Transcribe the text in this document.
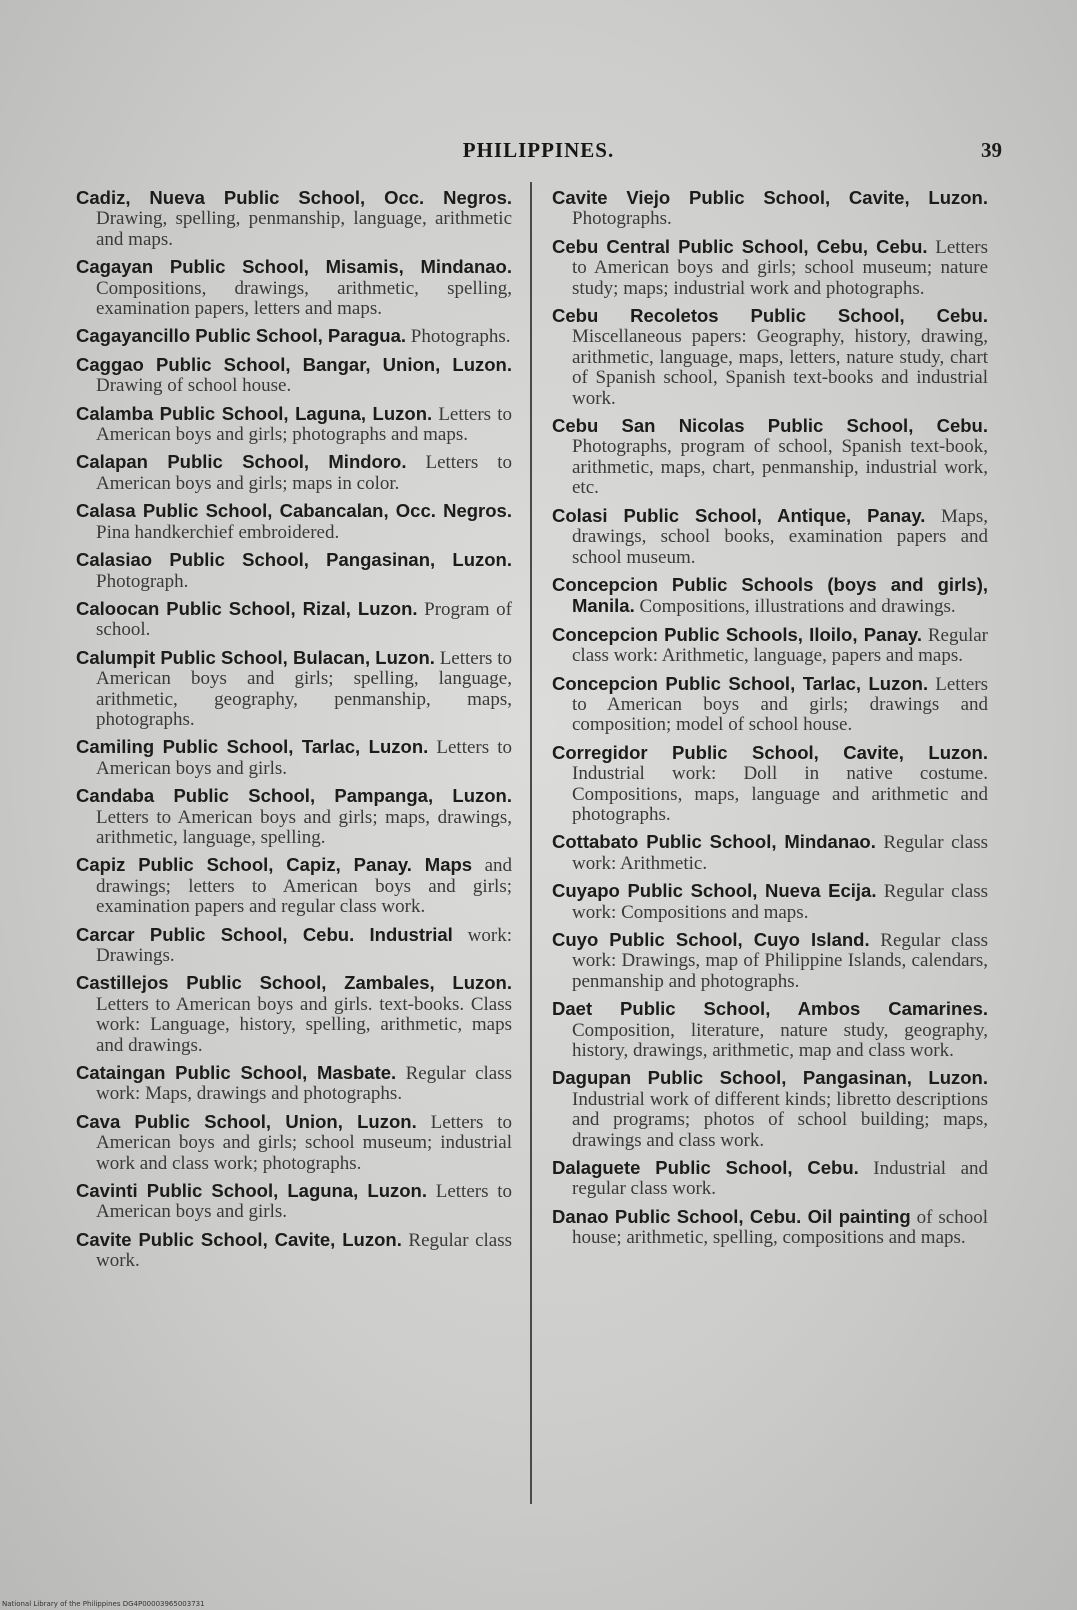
PHILIPPINES.	39

Cadiz, Nueva Public School, Occ. Negros. Drawing, spelling, penmanship, language, arithmetic and maps.

Cagayan Public School, Misamis, Mindanao. Compositions, drawings, arithmetic, spelling, examination papers, letters and maps.

Cagayancillo Public School, Paragua. Photographs.

Caggao Public School, Bangar, Union, Luzon. Drawing of school house.

Calamba Public School, Laguna, Luzon. Letters to American boys and girls; photographs and maps.

Calapan Public School, Mindoro. Letters to American boys and girls; maps in color.

Calasa Public School, Cabancalan, Occ. Negros. Pina handkerchief embroidered.

Calasiao Public School, Pangasinan, Luzon. Photograph.

Caloocan Public School, Rizal, Luzon. Program of school.

Calumpit Public School, Bulacan, Luzon. Letters to American boys and girls; spelling, language, arithmetic, geography, penmanship, maps, photographs.

Camiling Public School, Tarlac, Luzon. Letters to American boys and girls.

Candaba Public School, Pampanga, Luzon. Letters to American boys and girls; maps, drawings, arithmetic, language, spelling.

Capiz Public School, Capiz, Panay. Maps and drawings; letters to American boys and girls; examination papers and regular class work.

Carcar Public School, Cebu. Industrial work: Drawings.

Castillejos Public School, Zambales, Luzon. Letters to American boys and girls. text-books. Class work: Language, history, spelling, arithmetic, maps and drawings.

Cataingan Public School, Masbate. Regular class work: Maps, drawings and photographs.

Cava Public School, Union, Luzon. Letters to American boys and girls; school museum; industrial work and class work; photographs.

Cavinti Public School, Laguna, Luzon. Letters to American boys and girls.

Cavite Public School, Cavite, Luzon. Regular class work.

Cavite Viejo Public School, Cavite, Luzon. Photographs.

Cebu Central Public School, Cebu, Cebu. Letters to American boys and girls; school museum; nature study; maps; industrial work and photographs.

Cebu Recoletos Public School, Cebu. Miscellaneous papers: Geography, history, drawing, arithmetic, language, maps, letters, nature study, chart of Spanish school, Spanish text-books and industrial work.

Cebu San Nicolas Public School, Cebu. Photographs, program of school, Spanish text-book, arithmetic, maps, chart, penmanship, industrial work, etc.

Colasi Public School, Antique, Panay. Maps, drawings, school books, examination papers and school museum.

Concepcion Public Schools (boys and girls), Manila. Compositions, illustrations and drawings.

Concepcion Public Schools, Iloilo, Panay. Regular class work: Arithmetic, language, papers and maps.

Concepcion Public School, Tarlac, Luzon. Letters to American boys and girls; drawings and composition; model of school house.

Corregidor Public School, Cavite, Luzon. Industrial work: Doll in native costume. Compositions, maps, language and arithmetic and photographs.

Cottabato Public School, Mindanao. Regular class work: Arithmetic.

Cuyapo Public School, Nueva Ecija. Regular class work: Compositions and maps.

Cuyo Public School, Cuyo Island. Regular class work: Drawings, map of Philippine Islands, calendars, penmanship and photographs.

Daet Public School, Ambos Camarines. Composition, literature, nature study, geography, history, drawings, arithmetic, map and class work.

Dagupan Public School, Pangasinan, Luzon. Industrial work of different kinds; libretto descriptions and programs; photos of school building; maps, drawings and class work.

Dalaguete Public School, Cebu. Industrial and regular class work.

Danao Public School, Cebu. Oil painting of school house; arithmetic, spelling, compositions and maps.

National Library of the Philippines DG4P00003965003731
